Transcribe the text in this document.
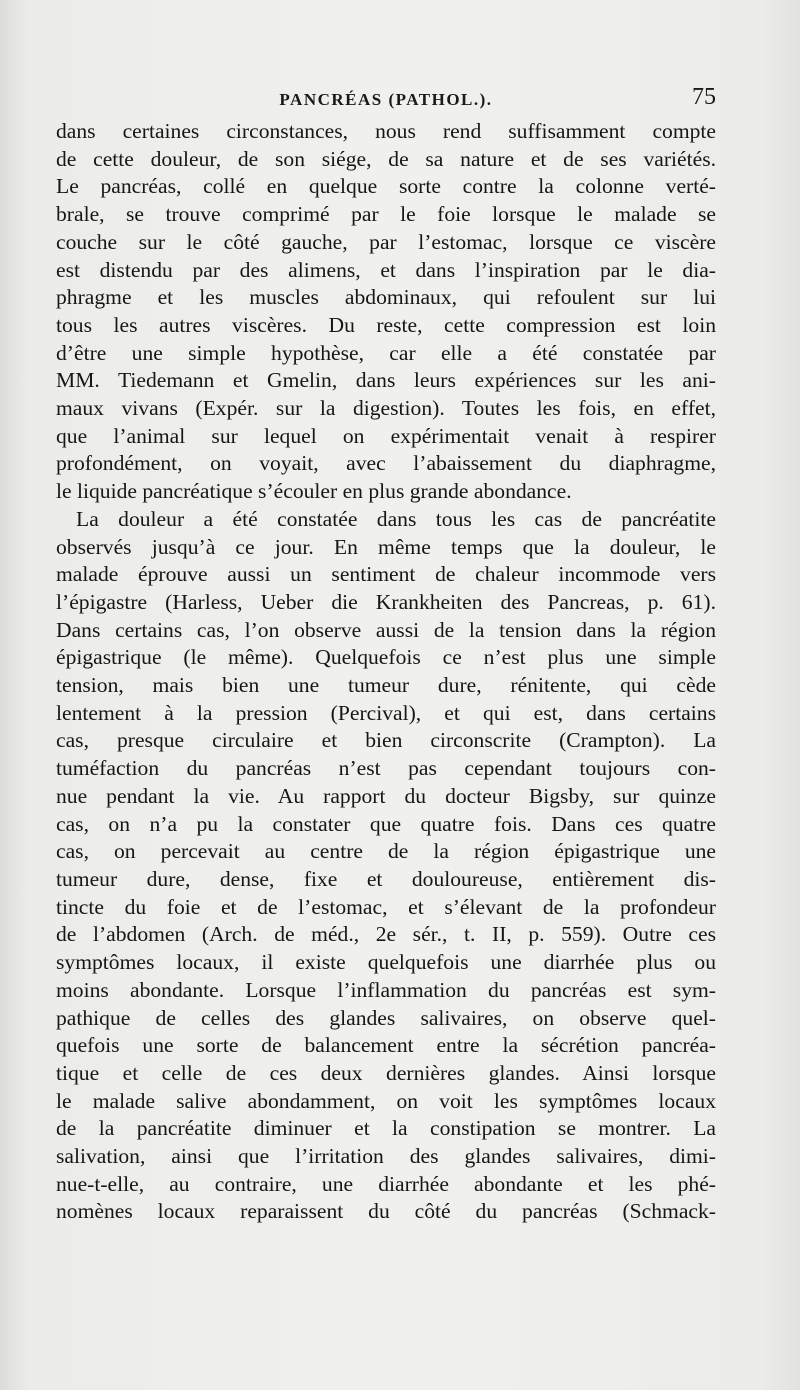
PANCRÉAS (PATHOL.).	75
dans certaines circonstances, nous rend suffisamment compte
de cette douleur, de son siége, de sa nature et de ses variétés.
Le pancréas, collé en quelque sorte contre la colonne verté-
brale, se trouve comprimé par le foie lorsque le malade se
couche sur le côté gauche, par l’estomac, lorsque ce viscère
est distendu par des alimens, et dans l’inspiration par le dia-
phragme et les muscles abdominaux, qui refoulent sur lui
tous les autres viscères. Du reste, cette compression est loin
d’être une simple hypothèse, car elle a été constatée par
MM. Tiedemann et Gmelin, dans leurs expériences sur les ani-
maux vivans (Expér. sur la digestion). Toutes les fois, en effet,
que l’animal sur lequel on expérimentait venait à respirer
profondément, on voyait, avec l’abaissement du diaphragme,
le liquide pancréatique s’écouler en plus grande abondance.
La douleur a été constatée dans tous les cas de pancréatite
observés jusqu’à ce jour. En même temps que la douleur, le
malade éprouve aussi un sentiment de chaleur incommode vers
l’épigastre (Harless, Ueber die Krankheiten des Pancreas, p. 61).
Dans certains cas, l’on observe aussi de la tension dans la région
épigastrique (le même). Quelquefois ce n’est plus une simple
tension, mais bien une tumeur dure, rénitente, qui cède
lentement à la pression (Percival), et qui est, dans certains
cas, presque circulaire et bien circonscrite (Crampton). La
tuméfaction du pancréas n’est pas cependant toujours con-
nue pendant la vie. Au rapport du docteur Bigsby, sur quinze
cas, on n’a pu la constater que quatre fois. Dans ces quatre
cas, on percevait au centre de la région épigastrique une
tumeur dure, dense, fixe et douloureuse, entièrement dis-
tincte du foie et de l’estomac, et s’élevant de la profondeur
de l’abdomen (Arch. de méd., 2e sér., t. II, p. 559). Outre ces
symptômes locaux, il existe quelquefois une diarrhée plus ou
moins abondante. Lorsque l’inflammation du pancréas est sym-
pathique de celles des glandes salivaires, on observe quel-
quefois une sorte de balancement entre la sécrétion pancréa-
tique et celle de ces deux dernières glandes. Ainsi lorsque
le malade salive abondamment, on voit les symptômes locaux
de la pancréatite diminuer et la constipation se montrer. La
salivation, ainsi que l’irritation des glandes salivaires, dimi-
nue-t-elle, au contraire, une diarrhée abondante et les phé-
nomènes locaux reparaissent du côté du pancréas (Schmack-
